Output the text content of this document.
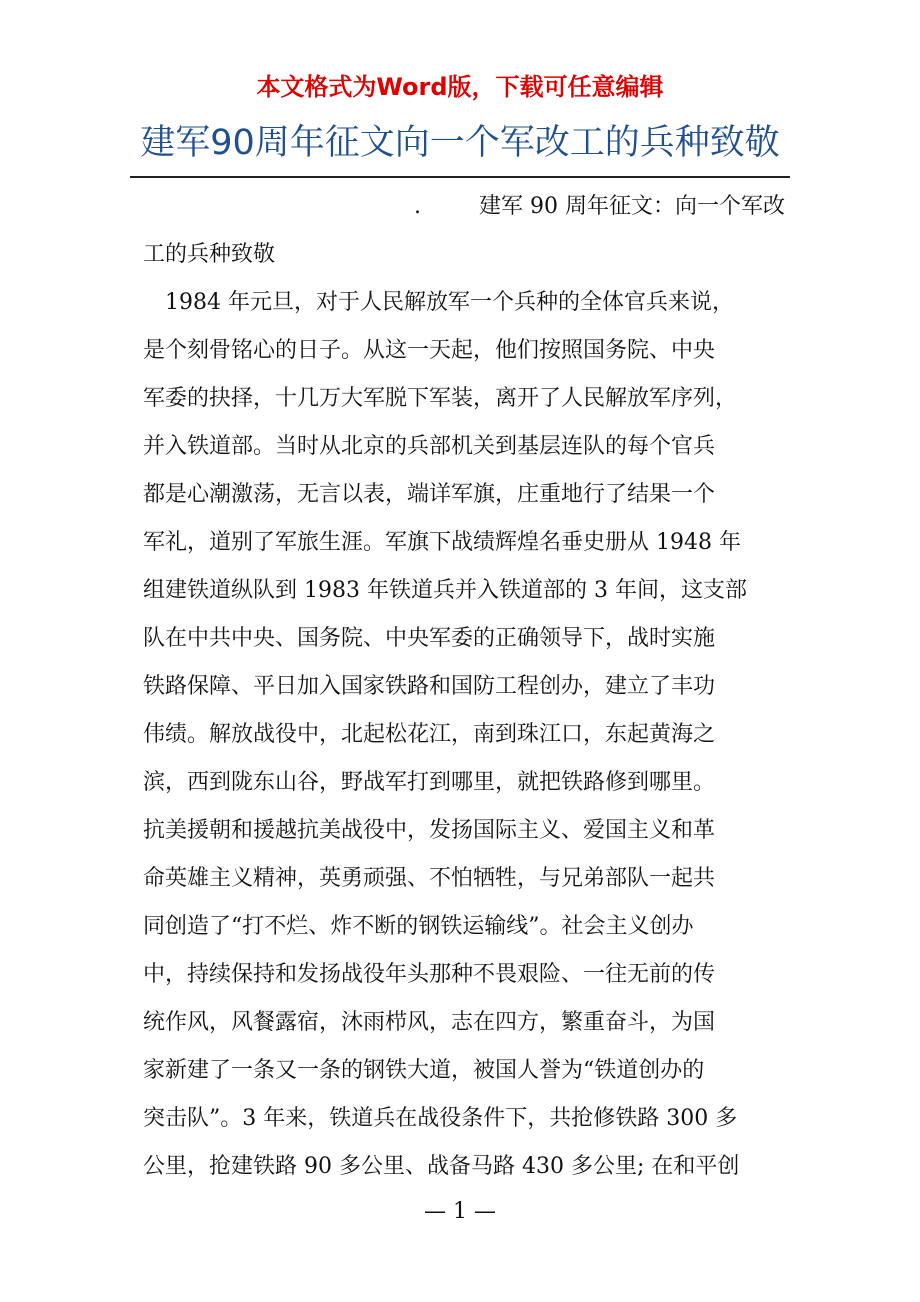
本文格式为Word版，下载可任意编辑
建军90周年征文向一个军改工的兵种致敬
.	建军 90 周年征文：向一个军改
工的兵种致敬
　1984 年元旦，对于人民解放军一个兵种的全体官兵来说，
是个刻骨铭心的日子。从这一天起，他们按照国务院、中央
军委的抉择，十几万大军脱下军装，离开了人民解放军序列，
并入铁道部。当时从北京的兵部机关到基层连队的每个官兵
都是心潮激荡，无言以表，端详军旗，庄重地行了结果一个
军礼，道别了军旅生涯。军旗下战绩辉煌名垂史册从 1948 年
组建铁道纵队到 1983 年铁道兵并入铁道部的 3 年间，这支部
队在中共中央、国务院、中央军委的正确领导下，战时实施
铁路保障、平日加入国家铁路和国防工程创办，建立了丰功
伟绩。解放战役中，北起松花江，南到珠江口，东起黄海之
滨，西到陇东山谷，野战军打到哪里，就把铁路修到哪里。
抗美援朝和援越抗美战役中，发扬国际主义、爱国主义和革
命英雄主义精神，英勇顽强、不怕牺牲，与兄弟部队一起共
同创造了“打不烂、炸不断的钢铁运输线”。社会主义创办
中，持续保持和发扬战役年头那种不畏艰险、一往无前的传
统作风，风餐露宿，沐雨栉风，志在四方，繁重奋斗，为国
家新建了一条又一条的钢铁大道，被国人誉为“铁道创办的
突击队”。3 年来，铁道兵在战役条件下，共抢修铁路 300 多
公里，抢建铁路 90 多公里、战备马路 430 多公里; 在和平创
— 1 —
